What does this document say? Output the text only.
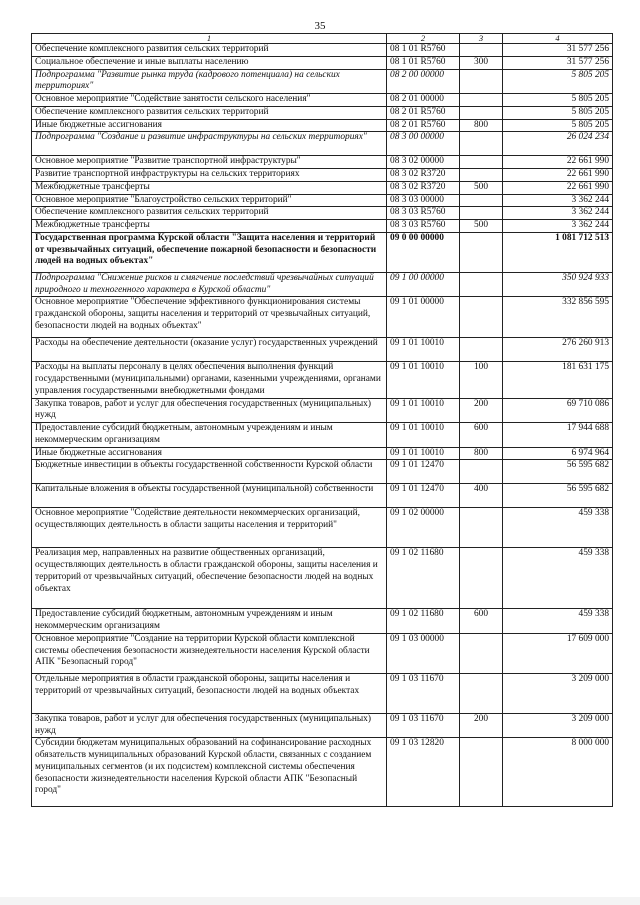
35
1	2	3	4
Обеспечение комплексного развития сельских территорий	08 1 01 R5760		31 577 256
Социальное обеспечение и иные выплаты населению	08 1 01 R5760	300	31 577 256
Подпрограмма "Развитие рынка труда (кадрового потенциала) на сельских территориях"	08 2 00 00000		5 805 205
Основное мероприятие "Содействие занятости сельского населения"	08 2 01 00000		5 805 205
Обеспечение комплексного развития сельских территорий	08 2 01 R5760		5 805 205
Иные бюджетные ассигнования	08 2 01 R5760	800	5 805 205
Подпрограмма "Создание и развитие инфраструктуры на сельских территориях"	08 3 00 00000		26 024 234
Основное мероприятие "Развитие транспортной инфраструктуры"	08 3 02 00000		22 661 990
Развитие транспортной инфраструктуры на сельских территориях	08 3 02 R3720		22 661 990
Межбюджетные трансферты	08 3 02 R3720	500	22 661 990
Основное мероприятие "Благоустройство сельских территорий"	08 3 03 00000		3 362 244
Обеспечение комплексного развития сельских территорий	08 3 03 R5760		3 362 244
Межбюджетные трансферты	08 3 03 R5760	500	3 362 244
Государственная программа Курской области "Защита населения и территорий от чрезвычайных ситуаций, обеспечение пожарной безопасности и безопасности людей на водных объектах"	09 0 00 00000		1 081 712 513
Подпрограмма "Снижение рисков и смягчение последствий чрезвычайных ситуаций природного и техногенного характера в Курской области"	09 1 00 00000		350 924 933
Основное мероприятие "Обеспечение эффективного функционирования системы гражданской обороны, защиты населения и территорий от чрезвычайных ситуаций, безопасности людей на водных объектах"	09 1 01 00000		332 856 595
Расходы на обеспечение деятельности (оказание услуг) государственных учреждений	09 1 01 10010		276 260 913
Расходы на выплаты персоналу в целях обеспечения выполнения функций государственными (муниципальными) органами, казенными учреждениями, органами управления государственными внебюджетными фондами	09 1 01 10010	100	181 631 175
Закупка товаров, работ и услуг для обеспечения государственных (муниципальных) нужд	09 1 01 10010	200	69 710 086
Предоставление субсидий бюджетным, автономным учреждениям и иным некоммерческим организациям	09 1 01 10010	600	17 944 688
Иные бюджетные ассигнования	09 1 01 10010	800	6 974 964
Бюджетные инвестиции в объекты государственной собственности Курской области	09 1 01 12470		56 595 682
Капитальные вложения в объекты государственной (муниципальной) собственности	09 1 01 12470	400	56 595 682
Основное мероприятие "Содействие деятельности некоммерческих организаций, осуществляющих деятельность в области защиты населения и территорий"	09 1 02 00000		459 338
Реализация мер, направленных на развитие общественных организаций, осуществляющих деятельность в области гражданской обороны, защиты населения и территорий от чрезвычайных ситуаций, обеспечение безопасности людей на водных объектах	09 1 02 11680		459 338
Предоставление субсидий бюджетным, автономным учреждениям и иным некоммерческим организациям	09 1 02 11680	600	459 338
Основное мероприятие "Создание на территории Курской области комплексной системы обеспечения безопасности жизнедеятельности населения Курской области АПК "Безопасный город"	09 1 03 00000		17 609 000
Отдельные мероприятия в области гражданской обороны, защиты населения и территорий от чрезвычайных ситуаций, безопасности людей на водных объектах	09 1 03 11670		3 209 000
Закупка товаров, работ и услуг для обеспечения государственных (муниципальных) нужд	09 1 03 11670	200	3 209 000
Субсидии бюджетам муниципальных образований на софинансирование расходных обязательств муниципальных образований Курской области, связанных с созданием муниципальных сегментов (и их подсистем) комплексной системы обеспечения безопасности жизнедеятельности населения Курской области АПК "Безопасный город"	09 1 03 12820		8 000 000
